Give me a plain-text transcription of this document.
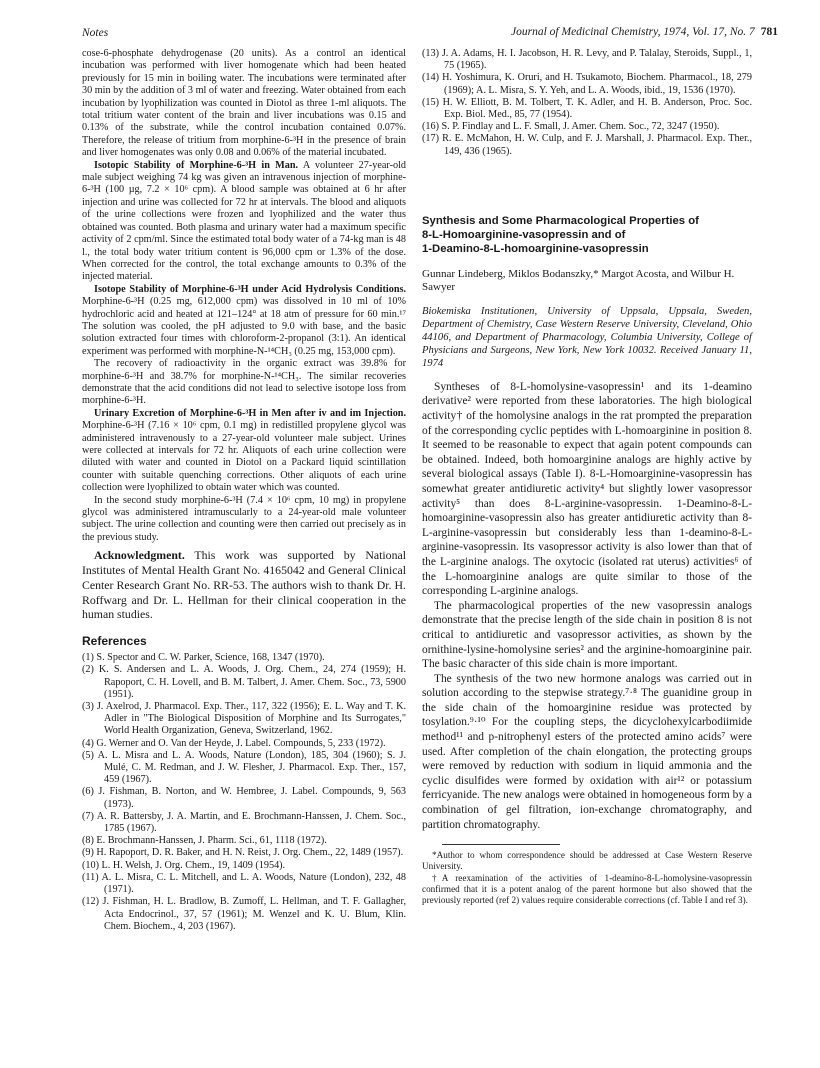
Notes	Journal of Medicinal Chemistry, 1974, Vol. 17, No. 7 781

cose-6-phosphate dehydrogenase (20 units). As a control an identical incubation was performed with liver homogenate which had been heated previously for 15 min in boiling water. The incubations were terminated after 30 min by the addition of 3 ml of water and freezing. Water obtained from each incubation by lyophilization was counted in Diotol as three 1-ml aliquots. The total tritium water content of the brain and liver incubations was 0.15 and 0.13% of the substrate, while the control incubation contained 0.07%. Therefore, the release of tritium from morphine-6-³H in the presence of brain and liver homogenates was only 0.08 and 0.06% of the material incubated.

Isotopic Stability of Morphine-6-³H in Man. A volunteer 27-year-old male subject weighing 74 kg was given an intravenous injection of morphine-6-³H (100 µg, 7.2 × 10⁶ cpm). A blood sample was obtained at 6 hr after injection and urine was collected for 72 hr at intervals. The blood and aliquots of the urine collections were frozen and lyophilized and the water thus obtained was counted. Both plasma and urinary water had a maximum specific activity of 2 cpm/ml. Since the estimated total body water of a 74-kg man is 48 l., the total body water tritium content is 96,000 cpm or 1.3% of the dose. When corrected for the control, the total exchange amounts to 0.3% of the injected material.

Isotope Stability of Morphine-6-³H under Acid Hydrolysis Conditions. Morphine-6-³H (0.25 mg, 612,000 cpm) was dissolved in 10 ml of 10% hydrochloric acid and heated at 121–124° at 18 atm of pressure for 60 min.¹⁷ The solution was cooled, the pH adjusted to 9.0 with base, and the basic solution extracted four times with chloroform-2-propanol (3:1). An identical experiment was performed with morphine-N-¹⁴CH₃ (0.25 mg, 153,000 cpm).

The recovery of radioactivity in the organic extract was 39.8% for morphine-6-³H and 38.7% for morphine-N-¹⁴CH₃. The similar recoveries demonstrate that the acid conditions did not lead to selective isotope loss from morphine-6-³H.

Urinary Excretion of Morphine-6-³H in Men after iv and im Injection. Morphine-6-³H (7.16 × 10⁶ cpm, 0.1 mg) in redistilled propylene glycol was administered intravenously to a 27-year-old volunteer male subject. Urines were collected at intervals for 72 hr. Aliquots of each urine collection were diluted with water and counted in Diotol on a Packard liquid scintillation counter with suitable quenching corrections. Other aliquots of each urine collection were lyophilized to obtain water which was counted.

In the second study morphine-6-³H (7.4 × 10⁶ cpm, 10 mg) in propylene glycol was administered intramuscularly to a 24-year-old male volunteer subject. The urine collection and counting were then carried out precisely as in the previous study.

Acknowledgment. This work was supported by National Institutes of Mental Health Grant No. 4165042 and General Clinical Center Research Grant No. RR-53. The authors wish to thank Dr. H. Roffwarg and Dr. L. Hellman for their clinical cooperation in the human studies.

References
(1) S. Spector and C. W. Parker, Science, 168, 1347 (1970).
(2) K. S. Andersen and L. A. Woods, J. Org. Chem., 24, 274 (1959); H. Rapoport, C. H. Lovell, and B. M. Talbert, J. Amer. Chem. Soc., 73, 5900 (1951).
(3) J. Axelrod, J. Pharmacol. Exp. Ther., 117, 322 (1956); E. L. Way and T. K. Adler in "The Biological Disposition of Morphine and Its Surrogates," World Health Organization, Geneva, Switzerland, 1962.
(4) G. Werner and O. Van der Heyde, J. Label. Compounds, 5, 233 (1972).
(5) A. L. Misra and L. A. Woods, Nature (London), 185, 304 (1960); S. J. Mulé, C. M. Redman, and J. W. Flesher, J. Pharmacol. Exp. Ther., 157, 459 (1967).
(6) J. Fishman, B. Norton, and W. Hembree, J. Label. Compounds, 9, 563 (1973).
(7) A. R. Battersby, J. A. Martin, and E. Brochmann-Hanssen, J. Chem. Soc., 1785 (1967).
(8) E. Brochmann-Hanssen, J. Pharm. Sci., 61, 1118 (1972).
(9) H. Rapoport, D. R. Baker, and H. N. Reist, J. Org. Chem., 22, 1489 (1957).
(10) L. H. Welsh, J. Org. Chem., 19, 1409 (1954).
(11) A. L. Misra, C. L. Mitchell, and L. A. Woods, Nature (London), 232, 48 (1971).
(12) J. Fishman, H. L. Bradlow, B. Zumoff, L. Hellman, and T. F. Gallagher, Acta Endocrinol., 37, 57 (1961); M. Wenzel and K. U. Blum, Klin. Chem. Biochem., 4, 203 (1967).
(13) J. A. Adams, H. I. Jacobson, H. R. Levy, and P. Talalay, Steroids, Suppl., 1, 75 (1965).
(14) H. Yoshimura, K. Oruri, and H. Tsukamoto, Biochem. Pharmacol., 18, 279 (1969); A. L. Misra, S. Y. Yeh, and L. A. Woods, ibid., 19, 1536 (1970).
(15) H. W. Elliott, B. M. Tolbert, T. K. Adler, and H. B. Anderson, Proc. Soc. Exp. Biol. Med., 85, 77 (1954).
(16) S. P. Findlay and L. F. Small, J. Amer. Chem. Soc., 72, 3247 (1950).
(17) R. E. McMahon, H. W. Culp, and F. J. Marshall, J. Pharmacol. Exp. Ther., 149, 436 (1965).
Synthesis and Some Pharmacological Properties of
8-L-Homoarginine-vasopressin and of
1-Deamino-8-L-homoarginine-vasopressin
Gunnar Lindeberg, Miklos Bodanszky,* Margot Acosta, and Wilbur H. Sawyer
Biokemiska Institutionen, University of Uppsala, Uppsala, Sweden, Department of Chemistry, Case Western Reserve University, Cleveland, Ohio 44106, and Department of Pharmacology, Columbia University, College of Physicians and Surgeons, New York, New York 10032. Received January 11, 1974

Syntheses of 8-L-homolysine-vasopressin¹ and its 1-deamino derivative² were reported from these laboratories. The high biological activity† of the homolysine analogs in the rat prompted the preparation of the corresponding cyclic peptides with L-homoarginine in position 8. It seemed to be reasonable to expect that again potent compounds can be obtained. Indeed, both homoarginine analogs are highly active by several biological assays (Table I). 8-L-Homoarginine-vasopressin has somewhat greater antidiuretic activity⁴ but slightly lower vasopressor activity⁵ than does 8-L-arginine-vasopressin. 1-Deamino-8-L-homoarginine-vasopressin also has greater antidiuretic activity than 8-L-arginine-vasopressin but considerably less than 1-deamino-8-L-arginine-vasopressin. Its vasopressor activity is also lower than that of the L-arginine analogs. The oxytocic (isolated rat uterus) activities⁶ of the L-homoarginine analogs are quite similar to those of the corresponding L-arginine analogs.

The pharmacological properties of the new vasopressin analogs demonstrate that the precise length of the side chain in position 8 is not critical to antidiuretic and vasopressor activities, as shown by the ornithine-lysine-homolysine series² and the arginine-homoarginine pair. The basic character of this side chain is more important.

The synthesis of the two new hormone analogs was carried out in solution according to the stepwise strategy.⁷·⁸ The guanidine group in the side chain of the homoarginine residue was protected by tosylation.⁹·¹⁰ For the coupling steps, the dicyclohexylcarbodiimide method¹¹ and p-nitrophenyl esters of the protected amino acids⁷ were used. After completion of the chain elongation, the protecting groups were removed by reduction with sodium in liquid ammonia and the cyclic disulfides were formed by oxidation with air¹² or potassium ferricyanide. The new analogs were obtained in homogeneous form by a combination of gel filtration, ion-exchange chromatography, and partition chromatography.

*Author to whom correspondence should be addressed at Case Western Reserve University.

†A reexamination of the activities of 1-deamino-8-L-homolysine-vasopressin confirmed that it is a potent analog of the parent hormone but also showed that the previously reported (ref 2) values require considerable corrections (cf. Table I and ref 3).
